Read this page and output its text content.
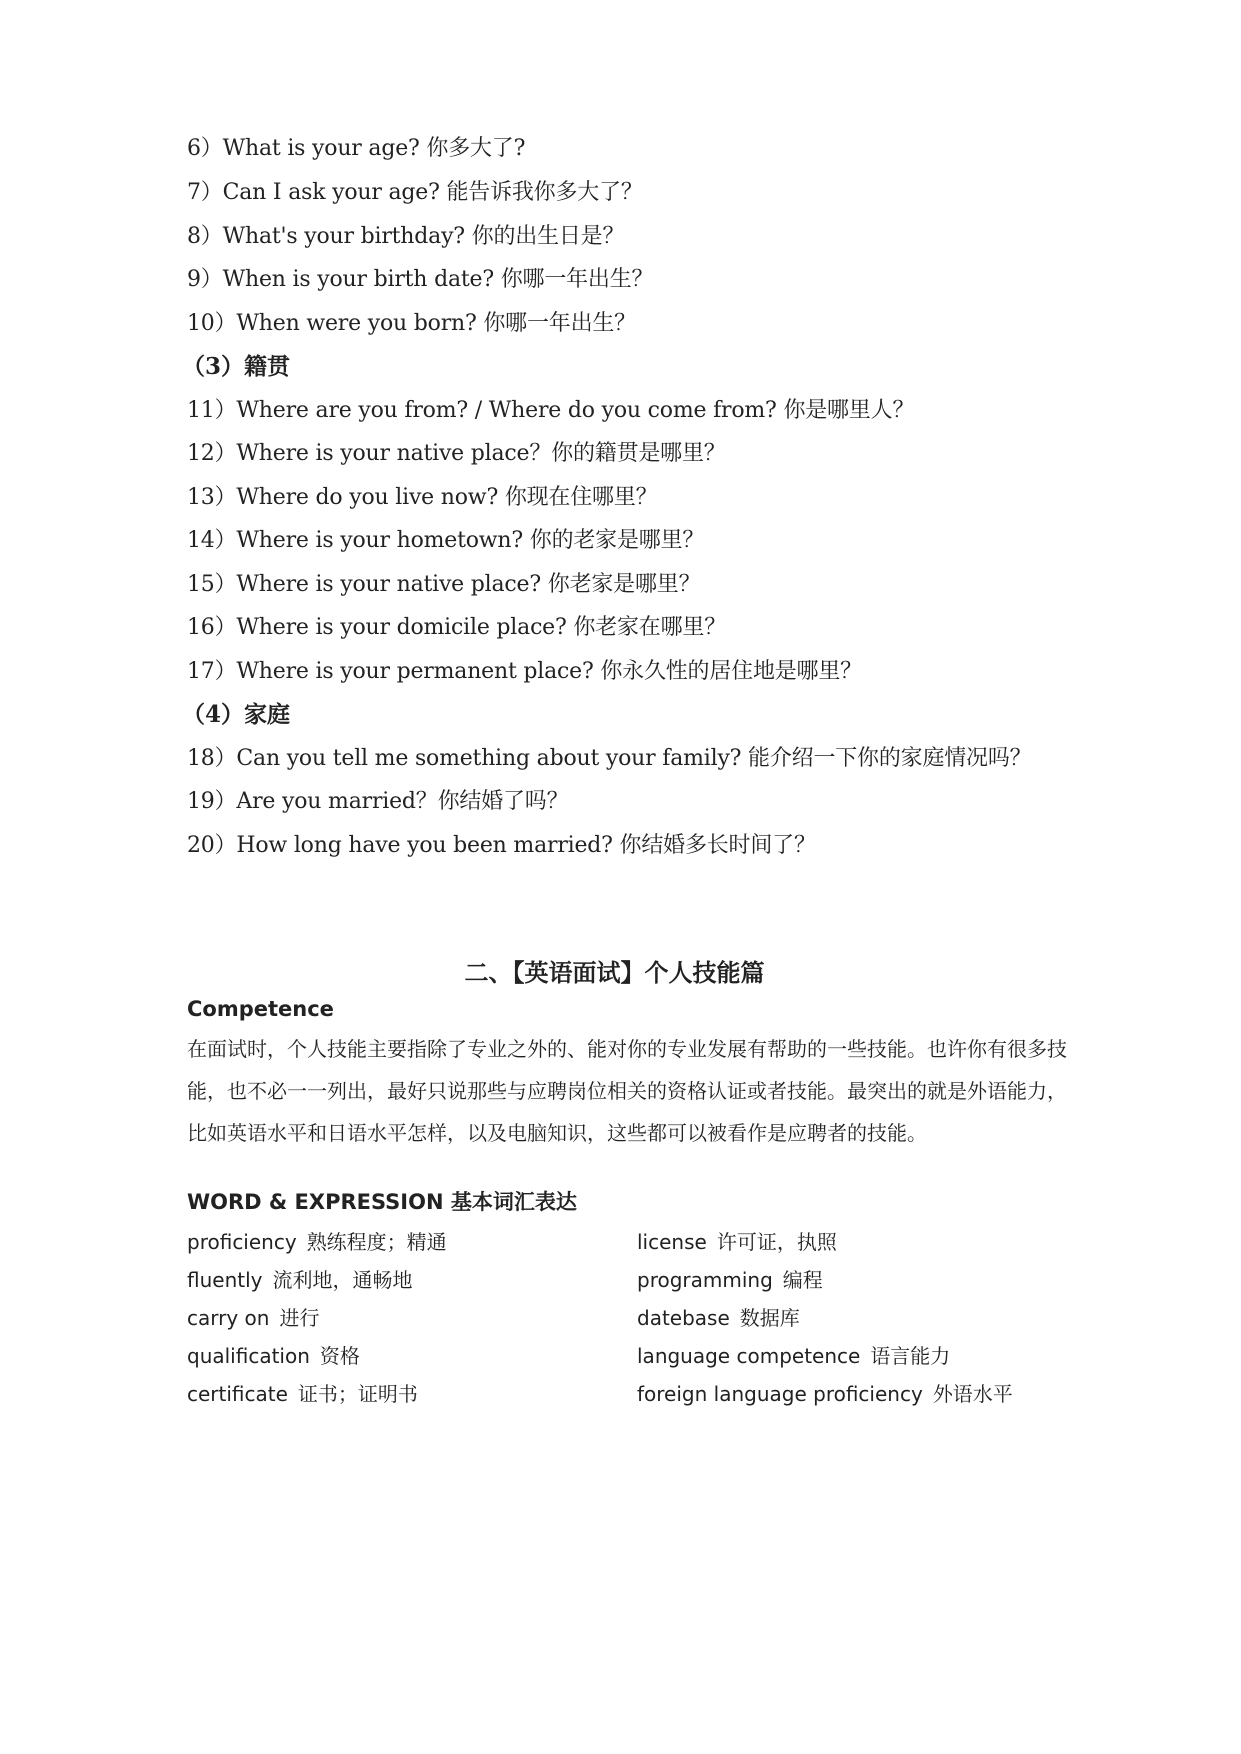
6）What is your age? 你多大了?
7）Can I ask your age? 能告诉我你多大了？
8）What's your birthday? 你的出生日是？
9）When is your birth date? 你哪一年出生？
10）When were you born? 你哪一年出生？
（3）籍贯
11）Where are you from? / Where do you come from? 你是哪里人？
12）Where is your native place？你的籍贯是哪里？
13）Where do you live now? 你现在住哪里？
14）Where is your hometown? 你的老家是哪里？
15）Where is your native place? 你老家是哪里？
16）Where is your domicile place? 你老家在哪里？
17）Where is your permanent place? 你永久性的居住地是哪里？
（4）家庭
18）Can you tell me something about your family? 能介绍一下你的家庭情况吗？
19）Are you married？你结婚了吗？
20）How long have you been married? 你结婚多长时间了？
二、【英语面试】个人技能篇
Competence
在面试时，个人技能主要指除了专业之外的、能对你的专业发展有帮助的一些技能。也许你有很多技能，也不必一一列出，最好只说那些与应聘岗位相关的资格认证或者技能。最突出的就是外语能力，比如英语水平和日语水平怎样，以及电脑知识，这些都可以被看作是应聘者的技能。
WORD & EXPRESSION 基本词汇表达
proficiency 熟练程度；精通
fluently 流利地，通畅地
carry on 进行
qualification 资格
certificate 证书；证明书
license 许可证，执照
programming 编程
datebase 数据库
language competence 语言能力
foreign language proficiency 外语水平
